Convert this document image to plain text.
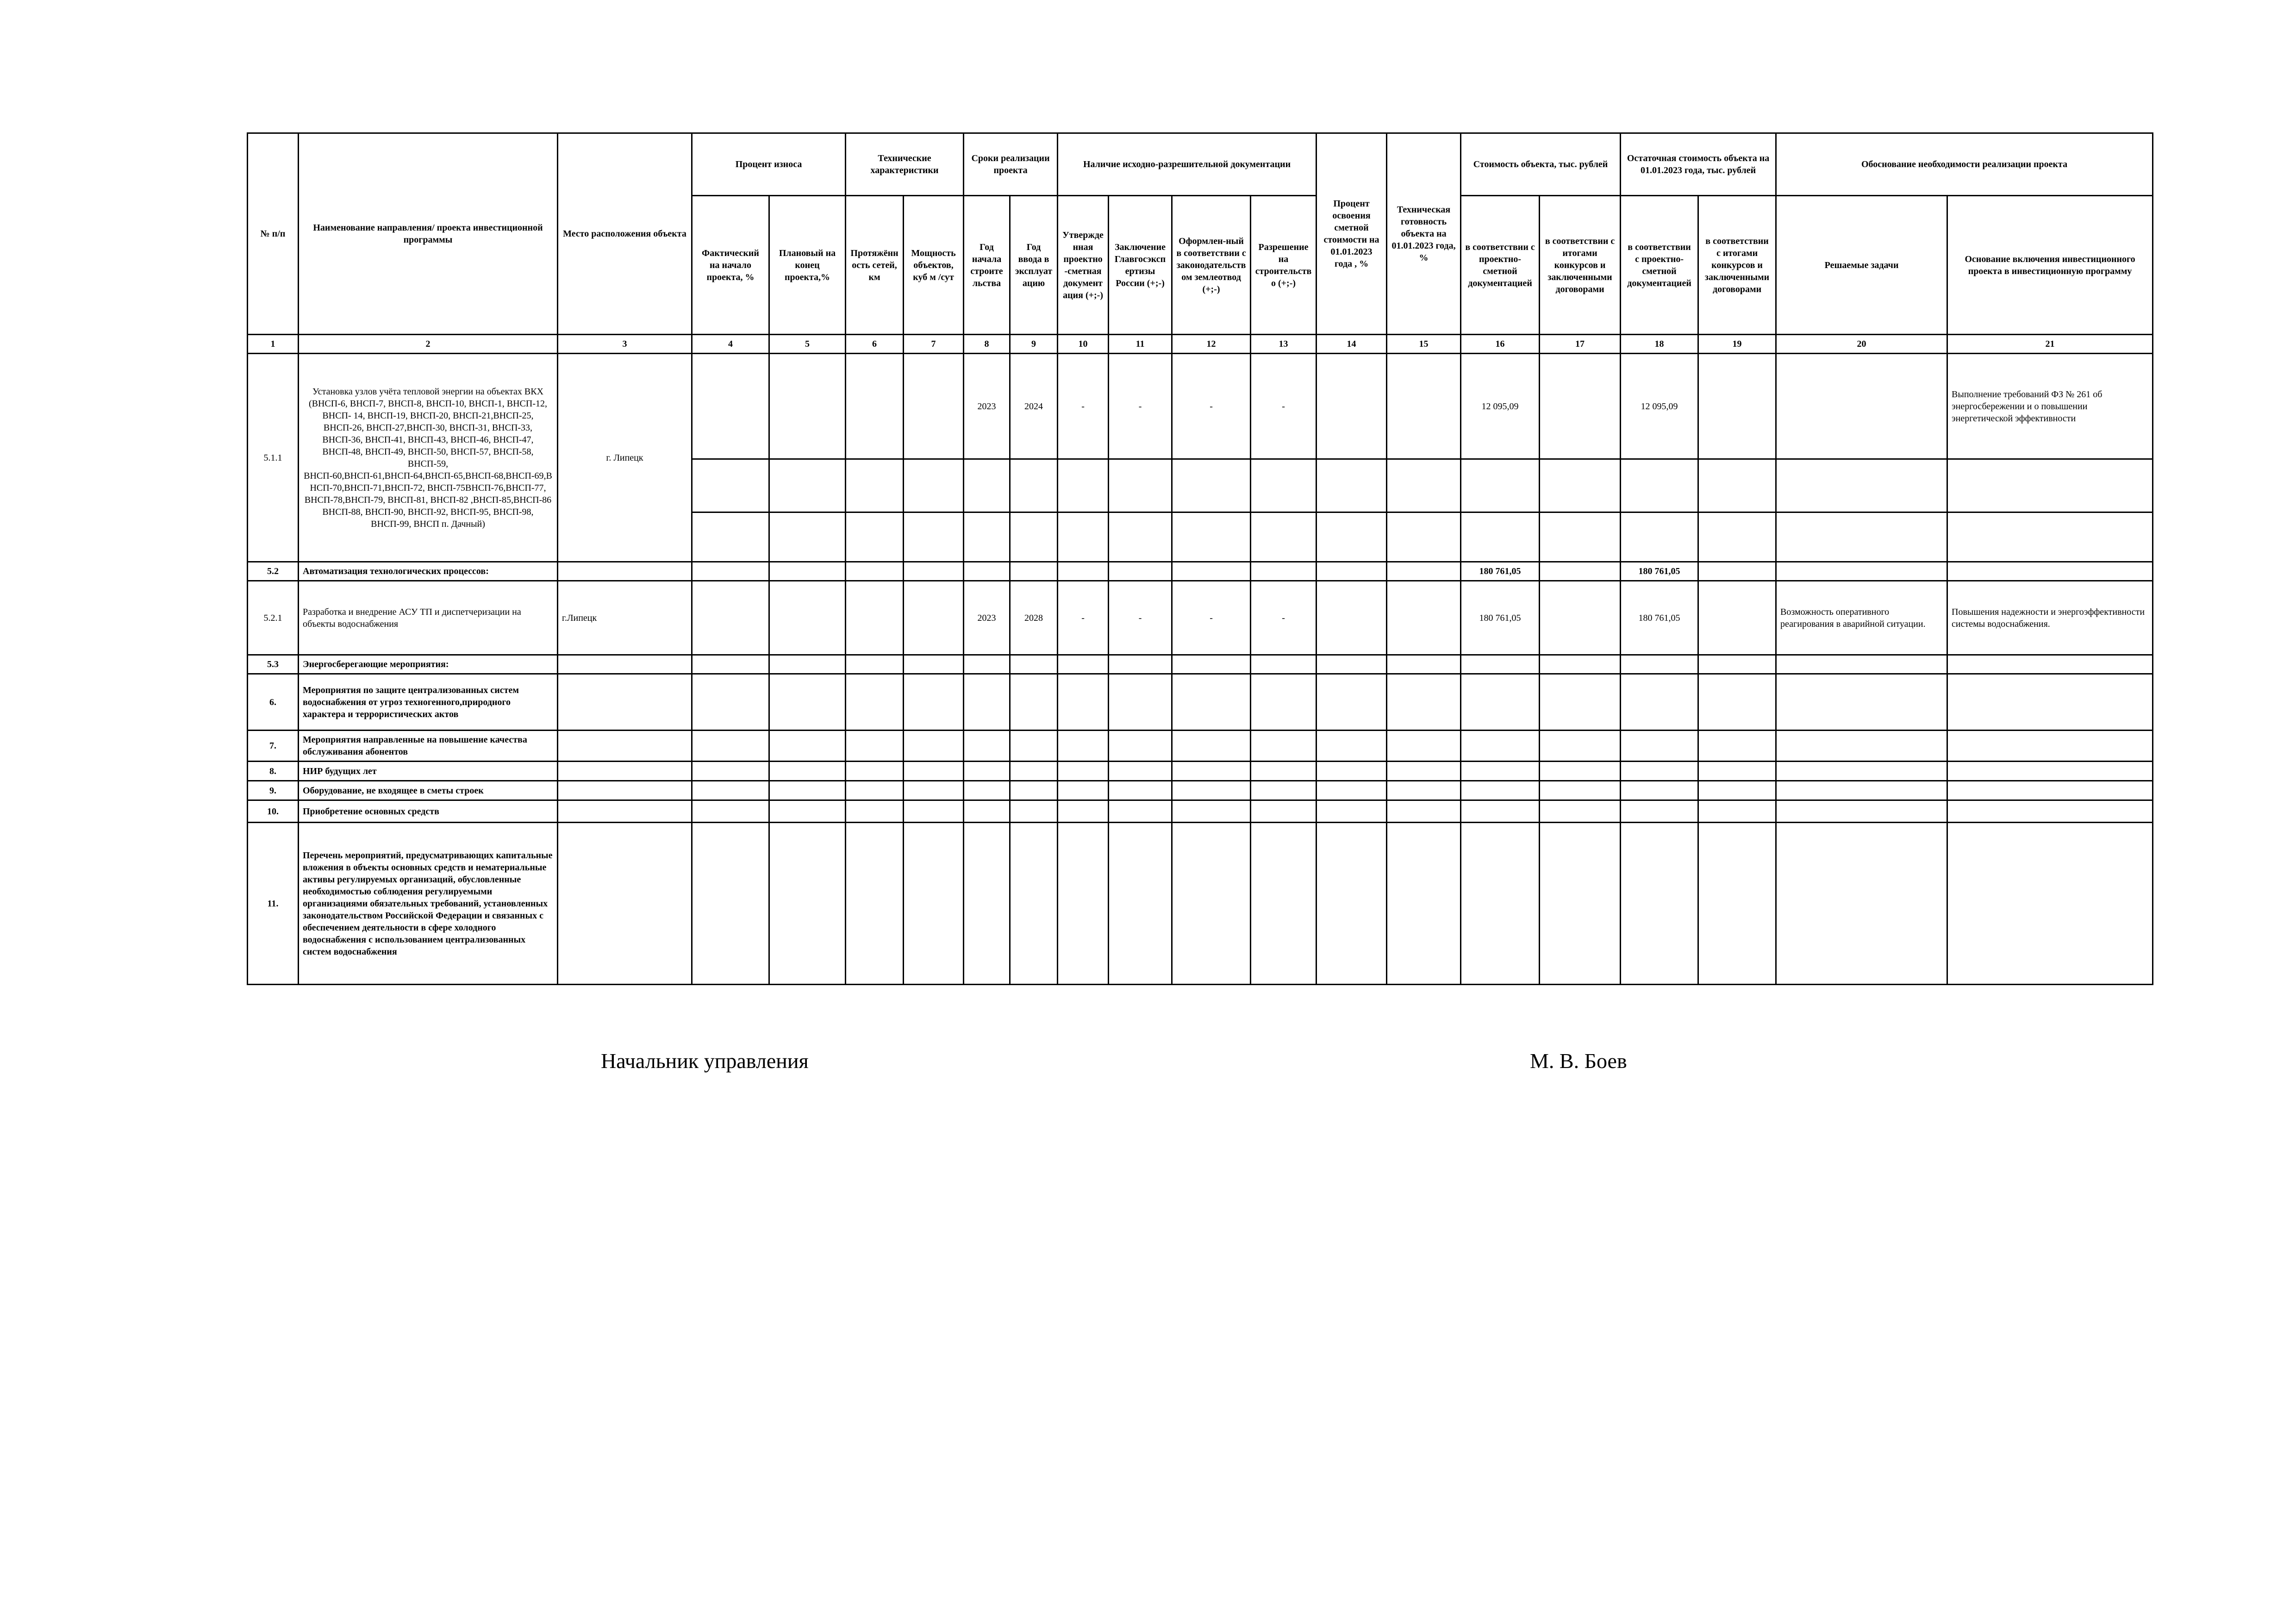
№ п/п	Наименование направления/ проекта инвестиционной программы	Место расположения объекта	Процент износа		Технические характеристики		Сроки реализации проекта		Наличие исходно-разрешительной документации				Процент освоения сметной стоимости на 01.01.2023 года , %	Техническая готовность объекта на 01.01.2023 года, %	Стоимость объекта, тыс. рублей		Остаточная стоимость объекта на 01.01.2023 года, тыс. рублей		Обоснование необходимости реализации проекта	
			Фактический на начало проекта, %	Плановый на конец проекта,%	Протяжённость сетей, км	Мощность объектов, куб м /сут	Год начала строительства	Год ввода в эксплуатацию	Утвержденная проектно-сметная документация (+;-)	Заключение Главгосэкспертизы России (+;-)	Оформлен-ный в соответствии с законодательством землеотвод (+;-)	Разрешение на строительство (+;-)			в соответствии с проектно-сметной документацией	в соответствии с итогами конкурсов и заключенными договорами	в соответствии с проектно-сметной документацией	в соответствии с итогами конкурсов и заключенными договорами	Решаемые задачи	Основание включения инвестиционного проекта в инвестиционную программу
1	2	3	4	5	6	7	8	9	10	11	12	13	14	15	16	17	18	19	20	21
5.1.1	Установка узлов учёта тепловой энергии на объектах ВКХ (ВНСП-6, ВНСП-7, ВНСП-8, ВНСП-10, ВНСП-1, ВНСП-12, ВНСП- 14, ВНСП-19, ВНСП-20, ВНСП-21,ВНСП-25, ВНСП-26, ВНСП-27,ВНСП-30, ВНСП-31, ВНСП-33, ВНСП-36, ВНСП-41, ВНСП-43, ВНСП-46, ВНСП-47, ВНСП-48, ВНСП-49, ВНСП-50, ВНСП-57, ВНСП-58, ВНСП-59, ВНСП-60,ВНСП-61,ВНСП-64,ВНСП-65,ВНСП-68,ВНСП-69,ВНСП-70,ВНСП-71,ВНСП-72, ВНСП-75ВНСП-76,ВНСП-77, ВНСП-78,ВНСП-79, ВНСП-81, ВНСП-82 ,ВНСП-85,ВНСП-86 ВНСП-88, ВНСП-90, ВНСП-92, ВНСП-95, ВНСП-98, ВНСП-99, ВНСП п. Дачный)	г. Липецк					2023	2024	-	-	-	-			12 095,09		12 095,09			Выполнение требований ФЗ № 261 об энергосбережении и о повышении энергетической эффективности

5.2	Автоматизация технологических процессов:														180 761,05		180 761,05			
5.2.1	Разработка и внедрение АСУ ТП и диспетчеризации на объекты водоснабжения	г.Липецк					2023	2028	-	-	-	-			180 761,05		180 761,05		Возможность оперативного реагирования в аварийной ситуации.	Повышения надежности и энергоэффективности системы водоснабжения.
5.3	Энергосберегающие мероприятия:																			
6.	Мероприятия по защите централизованных систем водоснабжения от угроз техногенного,природного характера и террористических актов																			
7.	Мероприятия направленные на повышение качества обслуживания абонентов																			
8.	НИР будущих лет																			
9.	Оборудование, не входящее в сметы строек																			
10.	Приобретение основных средств																			
11.	Перечень мероприятий, предусматривающих капитальные вложения в объекты основных средств и нематериальные активы регулируемых организаций, обусловленные необходимостью соблюдения регулируемыми организациями обязательных требований, установленных законодательством Российской Федерации и связанных с обеспечением деятельности в сфере холодного водоснабжения с использованием централизованных систем водоснабжения																			
Начальник управления	М. В. Боев
